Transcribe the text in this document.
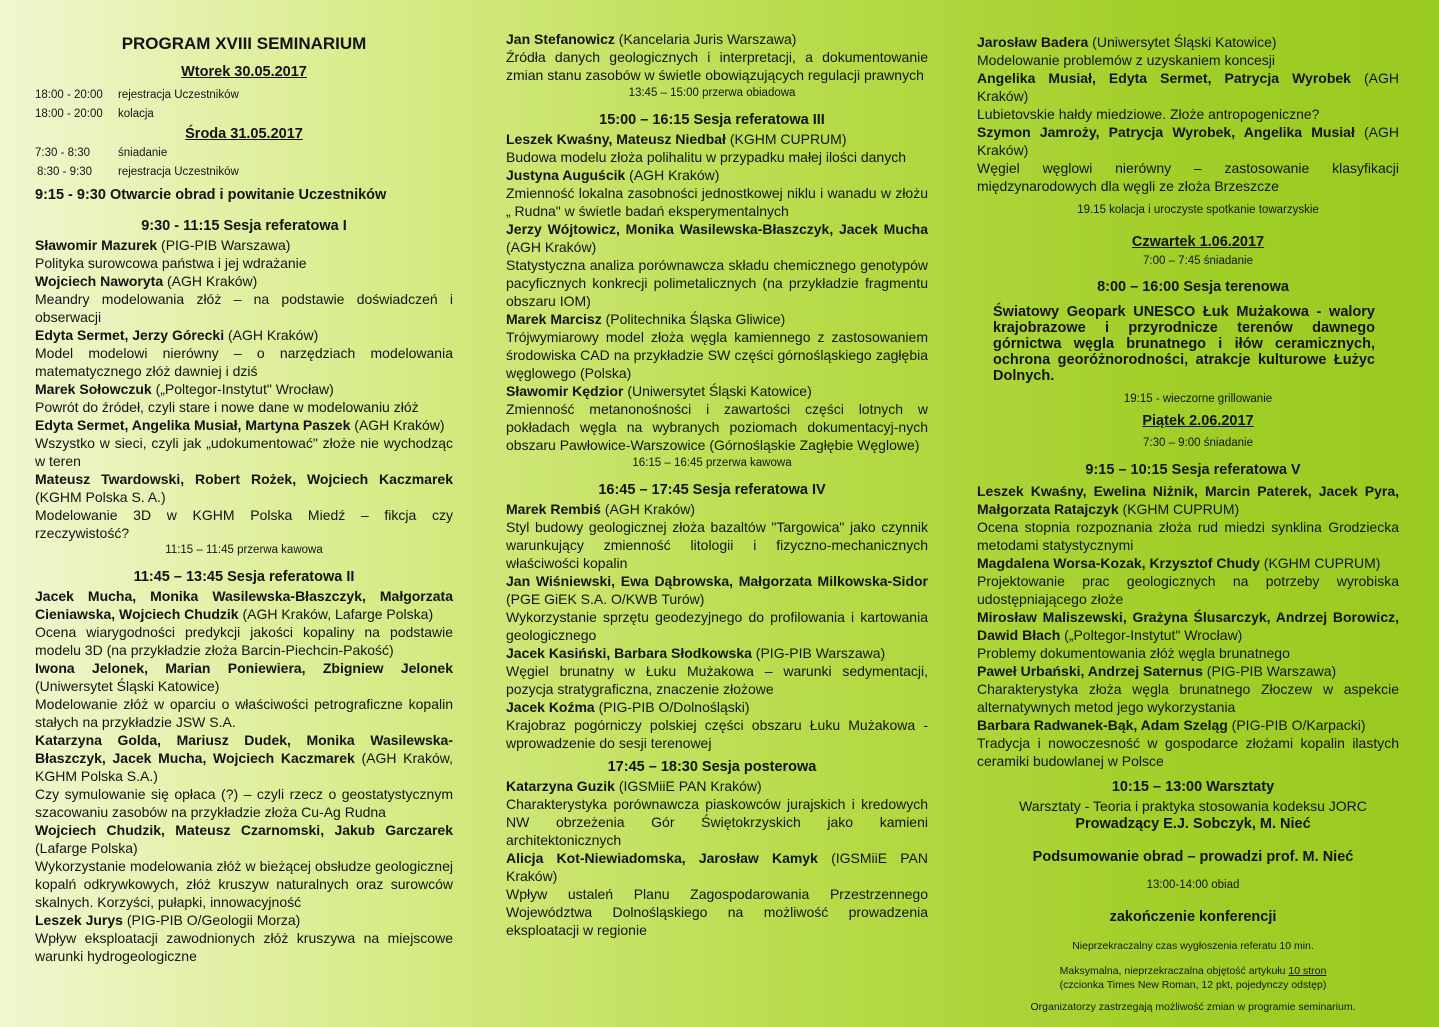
PROGRAM XVIII SEMINARIUM
Wtorek 30.05.2017
18:00 - 20:00	rejestracja Uczestników
18:00 - 20:00	kolacja
Środa 31.05.2017
7:30 - 8:30	śniadanie
8:30 - 9:30	rejestracja Uczestników
9:15 - 9:30 Otwarcie obrad i powitanie Uczestników
9:30 - 11:15 Sesja referatowa I
Sławomir Mazurek (PIG-PIB Warszawa)
Polityka surowcowa państwa i jej wdrażanie
Wojciech Naworyta (AGH Kraków)
Meandry modelowania złóż – na podstawie doświadczeń i obserwacji
Edyta Sermet, Jerzy Górecki (AGH Kraków)
Model modelowi nierówny – o narzędziach modelowania matematycznego złóż dawniej i dziś
Marek Sołowczuk („Poltegor-Instytut" Wrocław)
Powrót do źródeł, czyli stare i nowe dane w modelowaniu złóż
Edyta Sermet, Angelika Musiał, Martyna Paszek (AGH Kraków)
Wszystko w sieci, czyli jak „udokumentować" złoże nie wychodząc w teren
Mateusz Twardowski, Robert Rożek, Wojciech Kaczmarek (KGHM Polska S. A.)
Modelowanie 3D w KGHM Polska Miedź – fikcja czy rzeczywistość?
11:15 – 11:45 przerwa kawowa
11:45 – 13:45 Sesja referatowa II
Jacek Mucha, Monika Wasilewska-Błaszczyk, Małgorzata Cieniawska, Wojciech Chudzik (AGH Kraków, Lafarge Polska)
Ocena wiarygodności predykcji jakości kopaliny na podstawie modelu 3D (na przykładzie złoża Barcin-Piechcin-Pakość)
Iwona Jelonek, Marian Poniewiera, Zbigniew Jelonek (Uniwersytet Śląski Katowice)
Modelowanie złóż w oparciu o właściwości petrograficzne kopalin stałych na przykładzie JSW S.A.
Katarzyna Golda, Mariusz Dudek, Monika Wasilewska-Błaszczyk, Jacek Mucha, Wojciech Kaczmarek (AGH Kraków, KGHM Polska S.A.)
Czy symulowanie się opłaca (?) – czyli rzecz o geostatystycznym szacowaniu zasobów na przykładzie złoża Cu-Ag Rudna
Wojciech Chudzik, Mateusz Czarnomski, Jakub Garczarek (Lafarge Polska)
Wykorzystanie modelowania złóż w bieżącej obsłudze geologicznej kopalń odkrywkowych, złóż kruszyw naturalnych oraz surowców skalnych. Korzyści, pułapki, innowacyjność
Leszek Jurys (PIG-PIB O/Geologii Morza)
Wpływ eksploatacji zawodnionych złóż kruszywa na miejscowe warunki hydrogeologiczne
Jan Stefanowicz (Kancelaria Juris Warszawa)
Źródła danych geologicznych i interpretacji, a dokumentowanie zmian stanu zasobów w świetle obowiązujących regulacji prawnych
13:45 – 15:00 przerwa obiadowa
15:00 – 16:15 Sesja referatowa III
Leszek Kwaśny, Mateusz Niedbał (KGHM CUPRUM)
Budowa modelu złoża polihalitu w przypadku małej ilości danych
Justyna Auguścik (AGH Kraków)
Zmienność lokalna zasobności jednostkowej niklu i wanadu w złożu „ Rudna" w świetle badań eksperymentalnych
Jerzy Wójtowicz, Monika Wasilewska-Błaszczyk, Jacek Mucha (AGH Kraków)
Statystyczna analiza porównawcza składu chemicznego genotypów pacyficznych konkrecji polimetalicznych (na przykładzie fragmentu obszaru IOM)
Marek Marcisz (Politechnika Śląska Gliwice)
Trójwymiarowy model złoża węgla kamiennego z zastosowaniem środowiska CAD na przykładzie SW części górnośląskiego zagłębia węglowego (Polska)
Sławomir Kędzior (Uniwersytet Śląski Katowice)
Zmienność metanonośności i zawartości części lotnych w pokładach węgla na wybranych poziomach dokumentacyj-nych obszaru Pawłowice-Warszowice (Górnośląskie Zagłębie Węglowe)
16:15 – 16:45 przerwa kawowa
16:45 – 17:45 Sesja referatowa IV
Marek Rembiś (AGH Kraków)
Styl budowy geologicznej złoża bazaltów "Targowica" jako czynnik warunkujący zmienność litologii i fizyczno-mechanicznych właściwości kopalin
Jan Wiśniewski, Ewa Dąbrowska, Małgorzata Milkowska-Sidor (PGE GiEK S.A. O/KWB Turów)
Wykorzystanie sprzętu geodezyjnego do profilowania i kartowania geologicznego
Jacek Kasiński, Barbara Słodkowska (PIG-PIB Warszawa)
Węgiel brunatny w Łuku Mużakowa – warunki sedymentacji, pozycja stratygraficzna, znaczenie złożowe
Jacek Koźma (PIG-PIB O/Dolnośląski)
Krajobraz pogórniczy polskiej części obszaru Łuku Mużakowa - wprowadzenie do sesji terenowej
17:45 – 18:30 Sesja posterowa
Katarzyna Guzik (IGSMiiE PAN Kraków)
Charakterystyka porównawcza piaskowców jurajskich i kredowych NW obrzeżenia Gór Świętokrzyskich jako kamieni architektonicznych
Alicja Kot-Niewiadomska, Jarosław Kamyk (IGSMiiE PAN Kraków)
Wpływ ustaleń Planu Zagospodarowania Przestrzennego Województwa Dolnośląskiego na możliwość prowadzenia eksploatacji w regionie
Jarosław Badera (Uniwersytet Śląski Katowice)
Modelowanie problemów z uzyskaniem koncesji
Angelika Musiał, Edyta Sermet, Patrycja Wyrobek (AGH Kraków)
Lubietovskie hałdy miedziowe. Złoże antropogeniczne?
Szymon Jamroży, Patrycja Wyrobek, Angelika Musiał (AGH Kraków)
Węgiel węglowi nierówny – zastosowanie klasyfikacji międzynarodowych dla węgli ze złoża Brzeszcze
19.15 kolacja i uroczyste spotkanie towarzyskie
Czwartek 1.06.2017
7:00 – 7:45 śniadanie
8:00 – 16:00 Sesja terenowa
Światowy Geopark UNESCO Łuk Mużakowa - walory krajobrazowe i przyrodnicze terenów dawnego górnictwa węgla brunatnego i iłów ceramicznych, ochrona georóżnorodności, atrakcje kulturowe Łużyc Dolnych.
19:15 - wieczorne grillowanie
Piątek 2.06.2017
7:30 – 9:00 śniadanie
9:15 – 10:15 Sesja referatowa V
Leszek Kwaśny, Ewelina Niżnik, Marcin Paterek, Jacek Pyra, Małgorzata Ratajczyk (KGHM CUPRUM)
Ocena stopnia rozpoznania złoża rud miedzi synklina Grodziecka metodami statystycznymi
Magdalena Worsa-Kozak, Krzysztof Chudy (KGHM CUPRUM)
Projektowanie prac geologicznych na potrzeby wyrobiska udostępniającego złoże
Mirosław Maliszewski, Grażyna Ślusarczyk, Andrzej Borowicz, Dawid Błach („Poltegor-Instytut" Wrocław)
Problemy dokumentowania złóż węgla brunatnego
Paweł Urbański, Andrzej Saternus (PIG-PIB Warszawa)
Charakterystyka złoża węgla brunatnego Złoczew w aspekcie alternatywnych metod jego wykorzystania
Barbara Radwanek-Bąk, Adam Szeląg (PIG-PIB O/Karpacki)
Tradycja i nowoczesność w gospodarce złożami kopalin ilastych ceramiki budowlanej w Polsce
10:15 – 13:00 Warsztaty
Warsztaty - Teoria i praktyka stosowania kodeksu JORC
Prowadzący E.J. Sobczyk, M. Nieć
Podsumowanie obrad – prowadzi prof. M. Nieć
13:00-14:00 obiad
zakończenie konferencji
Nieprzekraczalny czas wygłoszenia referatu 10 min.
Maksymalna, nieprzekraczalna objętość artykułu 10 stron
(czcionka Times New Roman, 12 pkt, pojedynczy odstęp)
Organizatorzy zastrzegają możliwość zmian w programie seminarium.
